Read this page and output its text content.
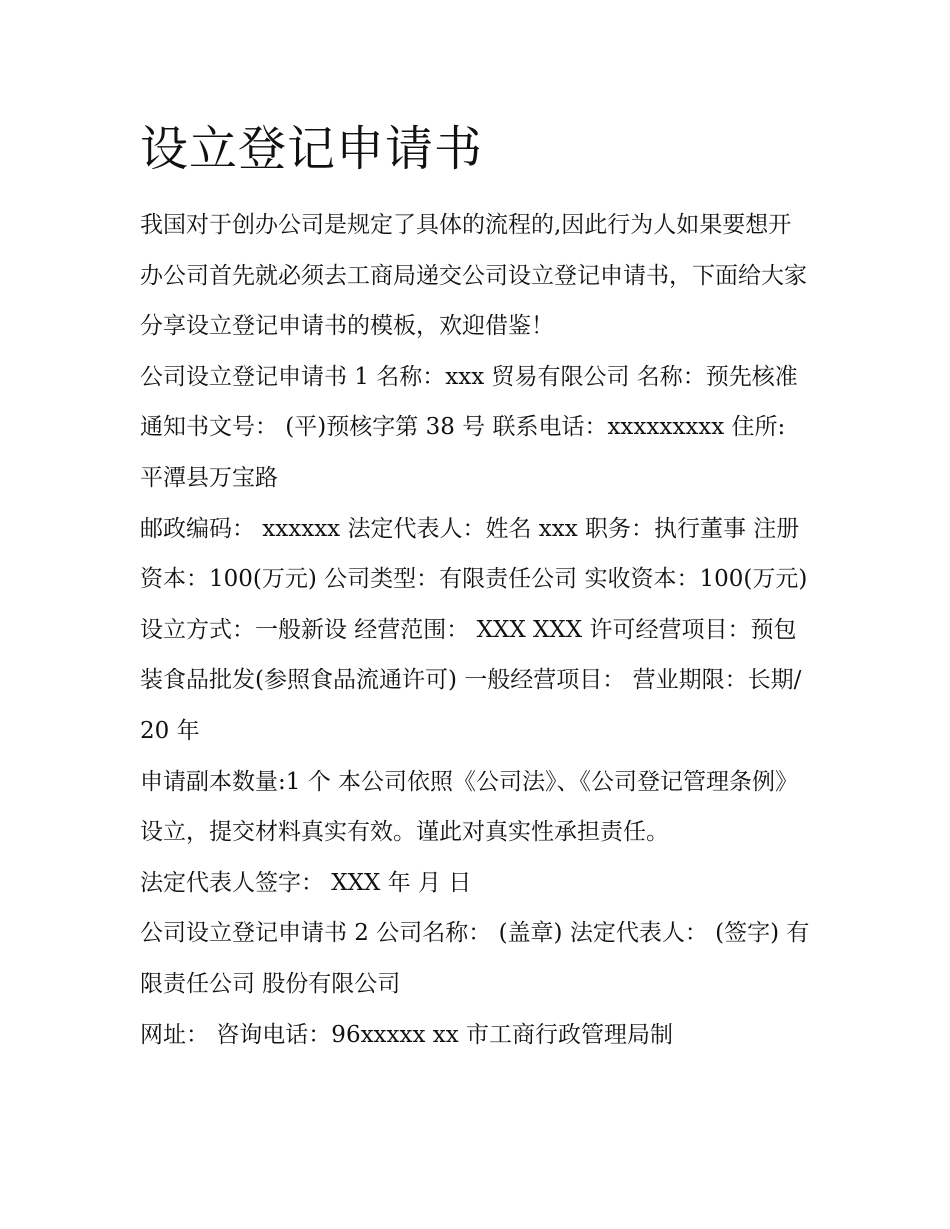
设立登记申请书

我国对于创办公司是规定了具体的流程的,因此行为人如果要想开办公司首先就必须去工商局递交公司设立登记申请书，下面给大家分享设立登记申请书的模板，欢迎借鉴！

公司设立登记申请书 1 名称：xxx 贸易有限公司 名称：预先核准 通知书文号： (平)预核字第 38 号 联系电话：xxxxxxxxx 住所: 平潭县万宝路

邮政编码： xxxxxx 法定代表人：姓名 xxx 职务：执行董事 注册资本：100(万元) 公司类型：有限责任公司 实收资本：100(万元)

设立方式：一般新设 经营范围： XXX XXX 许可经营项目：预包装食品批发(参照食品流通许可) 一般经营项目： 营业期限：长期/20 年

申请副本数量:1 个 本公司依照《公司法》、《公司登记管理条例》设立，提交材料真实有效。谨此对真实性承担责任。

法定代表人签字： XXX 年 月 日

公司设立登记申请书 2 公司名称： (盖章) 法定代表人： (签字) 有限责任公司 股份有限公司

网址： 咨询电话：96xxxxx xx 市工商行政管理局制
